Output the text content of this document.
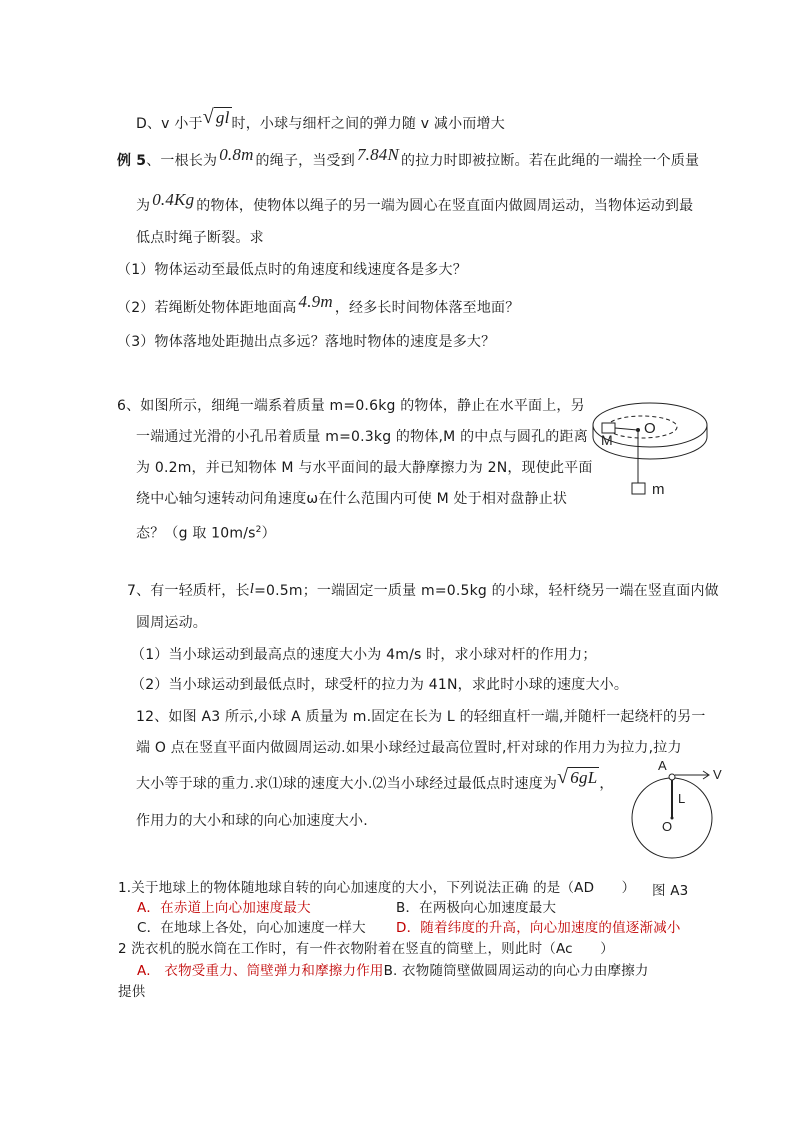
D、v 小于√ gl 时，小球与细杆之间的弹力随 v 减小而增大
例 5、一根长为 0.8m 的绳子，当受到 7.84N 的拉力时即被拉断。若在此绳的一端拴一个质量
为 0.4Kg 的物体，使物体以绳子的另一端为圆心在竖直面内做圆周运动，当物体运动到最
低点时绳子断裂。求
（1）物体运动至最低点时的角速度和线速度各是多大？
（2）若绳断处物体距地面高 4.9m ，经多长时间物体落至地面？
（3）物体落地处距抛出点多远？落地时物体的速度是多大？
6、如图所示，细绳一端系着质量 m=0.6kg 的物体，静止在水平面上，另
一端通过光滑的小孔吊着质量 m=0.3kg 的物体,M 的中点与圆孔的距离
为 0.2m，并已知物体 M 与水平面间的最大静摩擦力为 2N，现使此平面
绕中心轴匀速转动问角速度ω在什么范围内可使 M 处于相对盘静止状
态？（g 取 $10m/s^2$）
O
M
m
7、有一轻质杆，长l=0.5m；一端固定一质量 m=0.5kg 的小球，轻杆绕另一端在竖直面内做
圆周运动。
（1）当小球运动到最高点的速度大小为 4m/s 时，求小球对杆的作用力；
（2）当小球运动到最低点时，球受杆的拉力为 41N，求此时小球的速度大小。
12、如图 A3 所示,小球 A 质量为 m.固定在长为 L 的轻细直杆一端,并随杆一起绕杆的另一
端 O 点在竖直平面内做圆周运动.如果小球经过最高位置时,杆对球的作用力为拉力,拉力
大小等于球的重力.求⑴球的速度大小.⑵当小球经过最低点时速度为√ 6gL ，
作用力的大小和球的向心加速度大小.
A
V
L
O
1.关于地球上的物体随地球自转的向心加速度的大小，下列说法正确 的是（AD　　） 图 A3
A．在赤道上向心加速度最大	B．在两极向心加速度最大
C．在地球上各处，向心加速度一样大 D．随着纬度的升高，向心加速度的值逐渐减小
2 洗衣机的脱水筒在工作时，有一件衣物附着在竖直的筒壁上，则此时（Ac　　）
A.　衣物受重力、筒壁弹力和摩擦力作用B. 衣物随筒壁做圆周运动的向心力由摩擦力
提供
